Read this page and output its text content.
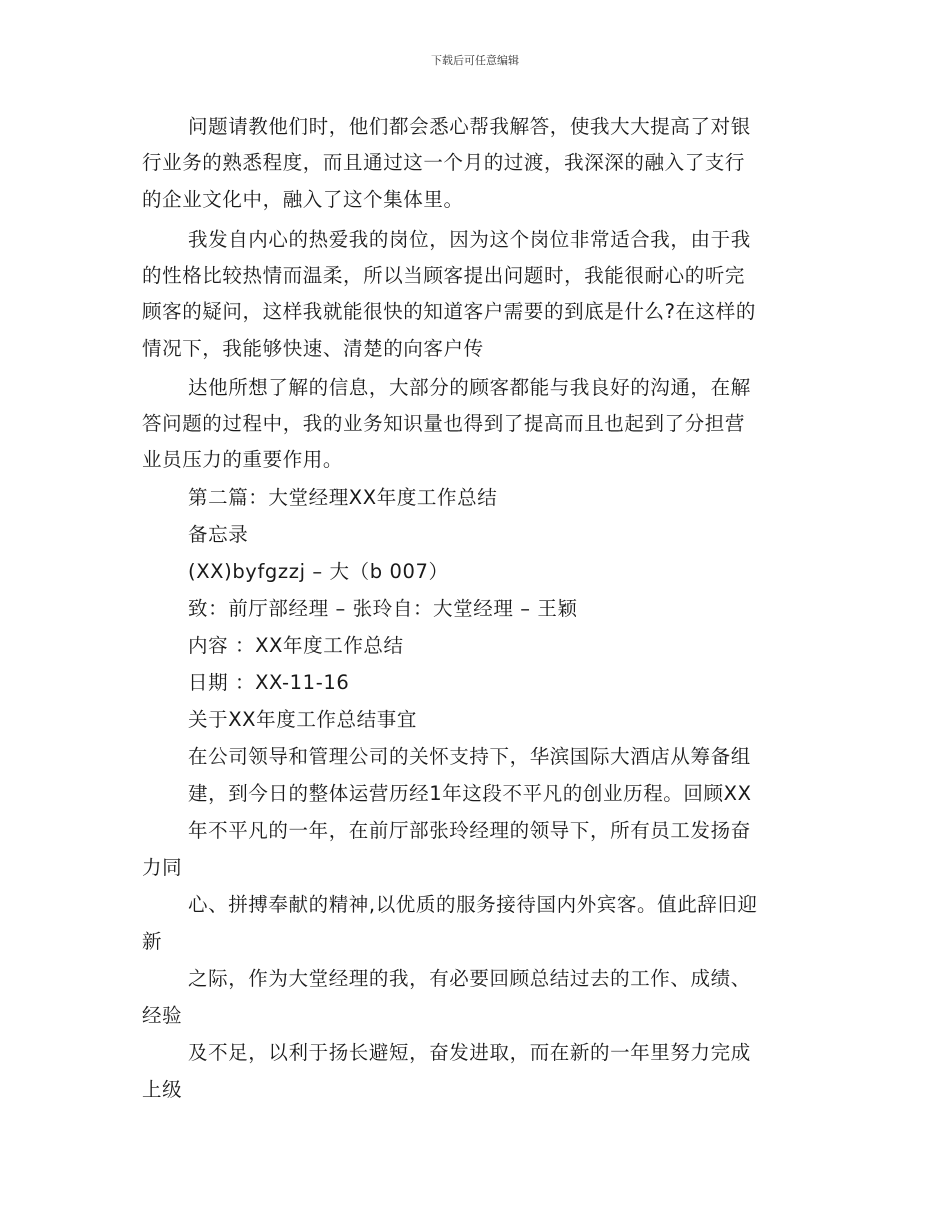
下载后可任意编辑
问题请教他们时，他们都会悉心帮我解答，使我大大提高了对银
行业务的熟悉程度，而且通过这一个月的过渡，我深深的融入了支行
的企业文化中，融入了这个集体里。
我发自内心的热爱我的岗位，因为这个岗位非常适合我，由于我
的性格比较热情而温柔，所以当顾客提出问题时，我能很耐心的听完
顾客的疑问，这样我就能很快的知道客户需要的到底是什么?在这样的
情况下，我能够快速、清楚的向客户传
达他所想了解的信息，大部分的顾客都能与我良好的沟通，在解
答问题的过程中，我的业务知识量也得到了提高而且也起到了分担营
业员压力的重要作用。
第二篇：大堂经理XX年度工作总结
备忘录
(XX)byfgzzj – 大（b 007）
致：前厅部经理 – 张玲自：大堂经理 – 王颖
内容 ：XX年度工作总结
日期 ：XX-11-16
关于XX年度工作总结事宜
在公司领导和管理公司的关怀支持下，华滨国际大酒店从筹备组
建，到今日的整体运营历经1年这段不平凡的创业历程。回顾XX
年不平凡的一年，在前厅部张玲经理的领导下，所有员工发扬奋
力同
心、拼搏奉献的精神,以优质的服务接待国内外宾客。值此辞旧迎
新
之际，作为大堂经理的我，有必要回顾总结过去的工作、成绩、
经验
及不足，以利于扬长避短，奋发进取，而在新的一年里努力完成
上级
